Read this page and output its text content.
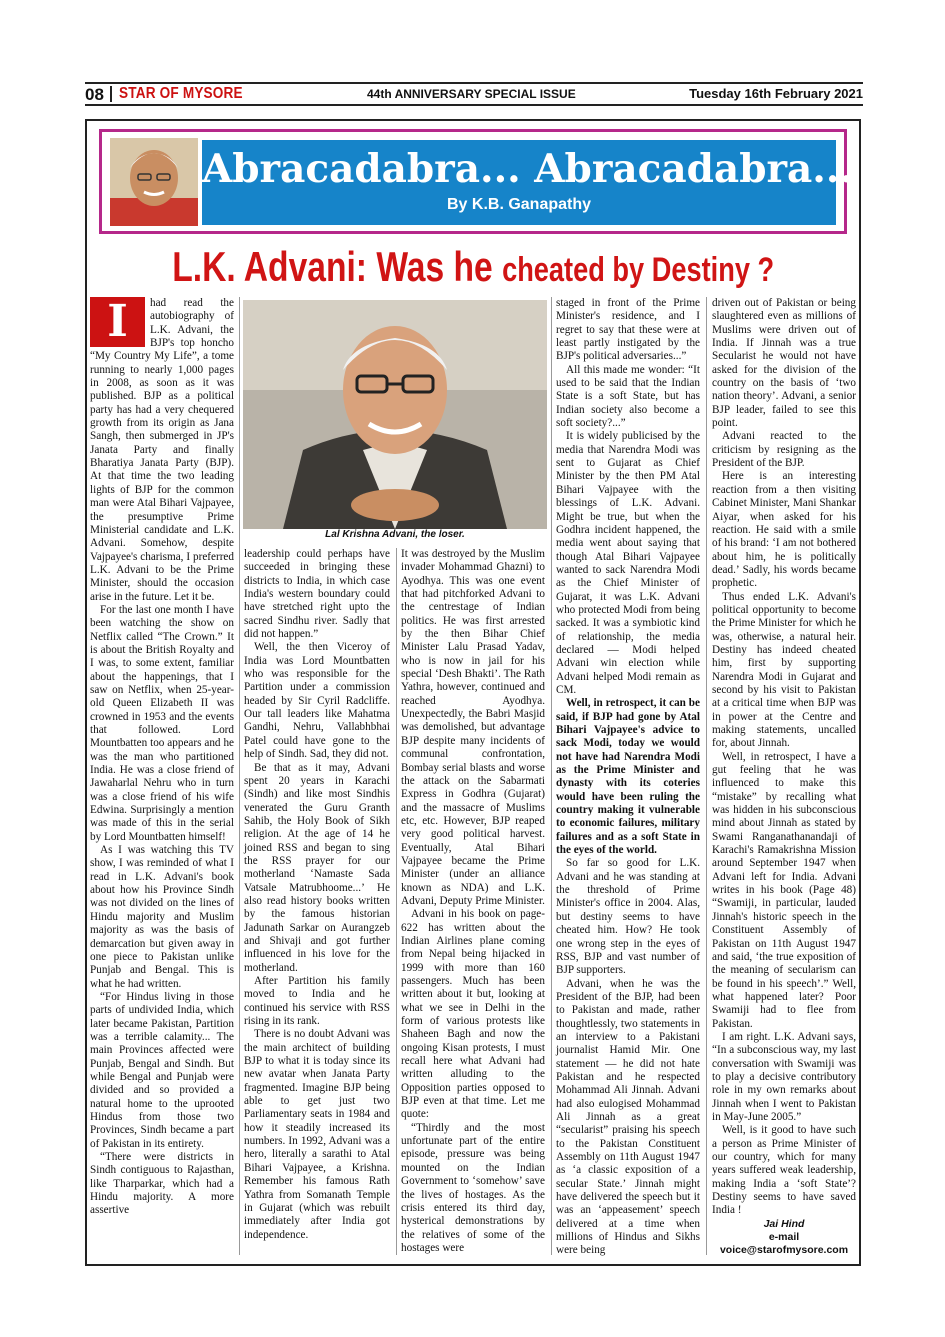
08 STAR OF MYSORE	44th ANNIVERSARY SPECIAL ISSUE	Tuesday 16th February 2021
Abracadabra... Abracadabra...
By K.B. Ganapathy
L.K. Advani: Was he cheated by Destiny ?
Lal Krishna Advani, the loser.
I	had read the autobiography of L.K. Advani, the BJP's top honcho “My Country My Life”, a tome running to nearly 1,000 pages in 2008, as soon as it was published. BJP as a political party has had a very chequered growth from its origin as Jana Sangh, then submerged in JP's Janata Party and finally Bharatiya Janata Party (BJP). At that time the two leading lights of BJP for the common man were Atal Bihari Vajpayee, the presumptive Prime Ministerial candidate and L.K. Advani. Somehow, despite Vajpayee's charisma, I preferred L.K. Advani to be the Prime Minister, should the occasion arise in the future. Let it be.

For the last one month I have been watching the show on Netflix called “The Crown.” It is about the British Royalty and I was, to some extent, familiar about the happenings, that I saw on Netflix, when 25-year-old Queen Elizabeth II was crowned in 1953 and the events that followed. Lord Mountbatten too appears and he was the man who partitioned India. He was a close friend of Jawaharlal Nehru who in turn was a close friend of his wife Edwina. Surprisingly a mention was made of this in the serial by Lord Mountbatten himself!

As I was watching this TV show, I was reminded of what I read in L.K. Advani's book about how his Province Sindh was not divided on the lines of Hindu majority and Muslim majority as was the basis of demarcation but given away in one piece to Pakistan unlike Punjab and Bengal. This is what he had written.

“For Hindus living in those parts of undivided India, which later became Pakistan, Partition was a terrible calamity... The main Provinces affected were Punjab, Bengal and Sindh. But while Bengal and Punjab were divided and so provided a natural home to the uprooted Hindus from those two Provinces, Sindh became a part of Pakistan in its entirety.

“There were districts in Sindh contiguous to Rajasthan, like Tharparkar, which had a Hindu majority. A more assertive

leadership could perhaps have succeeded in bringing these districts to India, in which case India's western boundary could have stretched right upto the sacred Sindhu river. Sadly that did not happen.”

Well, the then Viceroy of India was Lord Mountbatten who was responsible for the Partition under a commission headed by Sir Cyril Radcliffe. Our tall leaders like Mahatma Gandhi, Nehru, Vallabhbhai Patel could have gone to the help of Sindh. Sad, they did not.

Be that as it may, Advani spent 20 years in Karachi (Sindh) and like most Sindhis venerated the Guru Granth Sahib, the Holy Book of Sikh religion. At the age of 14 he joined RSS and began to sing the RSS prayer for our motherland ‘Namaste Sada Vatsale Matrubhoome...’ He also read history books written by the famous historian Jadunath Sarkar on Aurangzeb and Shivaji and got further influenced in his love for the motherland.

After Partition his family moved to India and he continued his service with RSS rising in its rank.

There is no doubt Advani was the main architect of building BJP to what it is today since its new avatar when Janata Party fragmented. Imagine BJP being able to get just two Parliamentary seats in 1984 and how it steadily increased its numbers. In 1992, Advani was a hero, literally a sarathi to Atal Bihari Vajpayee, a Krishna. Remember his famous Rath Yathra from Somanath Temple in Gujarat (which was rebuilt immediately after India got independence.

It was destroyed by the Muslim invader Mohammad Ghazni) to Ayodhya. This was one event that had pitchforked Advani to the centrestage of Indian politics. He was first arrested by the then Bihar Chief Minister Lalu Prasad Yadav, who is now in jail for his special ‘Desh Bhakti’. The Rath Yathra, however, continued and reached Ayodhya. Unexpectedly, the Babri Masjid was demolished, but advantage BJP despite many incidents of communal confrontation, Bombay serial blasts and worse the attack on the Sabarmati Express in Godhra (Gujarat) and the massacre of Muslims etc, etc. However, BJP reaped very good political harvest. Eventually, Atal Bihari Vajpayee became the Prime Minister (under an alliance known as NDA) and L.K. Advani, Deputy Prime Minister.

Advani in his book on page-622 has written about the Indian Airlines plane coming from Nepal being hijacked in 1999 with more than 160 passengers. Much has been written about it but, looking at what we see in Delhi in the form of various protests like Shaheen Bagh and now the ongoing Kisan protests, I must recall here what Advani had written alluding to the Opposition parties opposed to BJP even at that time. Let me quote:

“Thirdly and the most unfortunate part of the entire episode, pressure was being mounted on the Indian Government to ‘somehow’ save the lives of hostages. As the crisis entered its third day, hysterical demonstrations by the relatives of some of the hostages were

staged in front of the Prime Minister's residence, and I regret to say that these were at least partly instigated by the BJP's political adversaries...”

All this made me wonder: “It used to be said that the Indian State is a soft State, but has Indian society also become a soft society?...”

It is widely publicised by the media that Narendra Modi was sent to Gujarat as Chief Minister by the then PM Atal Bihari Vajpayee with the blessings of L.K. Advani. Might be true, but when the Godhra incident happened, the media went about saying that though Atal Bihari Vajpayee wanted to sack Narendra Modi as the Chief Minister of Gujarat, it was L.K. Advani who protected Modi from being sacked. It was a symbiotic kind of relationship, the media declared — Modi helped Advani win election while Advani helped Modi remain as CM.

Well, in retrospect, it can be said, if BJP had gone by Atal Bihari Vajpayee's advice to sack Modi, today we would not have had Narendra Modi as the Prime Minister and dynasty with its coteries would have been ruling the country making it vulnerable to economic failures, military failures and as a soft State in the eyes of the world.

So far so good for L.K. Advani and he was standing at the threshold of Prime Minister's office in 2004. Alas, but destiny seems to have cheated him. How? He took one wrong step in the eyes of RSS, BJP and vast number of BJP supporters.

Advani, when he was the President of the BJP, had been to Pakistan and made, rather thoughtlessly, two statements in an interview to a Pakistani journalist Hamid Mir. One statement — he did not hate Pakistan and he respected Mohammad Ali Jinnah. Advani had also eulogised Mohammad Ali Jinnah as a great “secularist” praising his speech to the Pakistan Constituent Assembly on 11th August 1947 as ‘a classic exposition of a secular State.’ Jinnah might have delivered the speech but it was an ‘appeasement’ speech delivered at a time when millions of Hindus and Sikhs were being

driven out of Pakistan or being slaughtered even as millions of Muslims were driven out of India. If Jinnah was a true Secularist he would not have asked for the division of the country on the basis of ‘two nation theory’. Advani, a senior BJP leader, failed to see this point.

Advani reacted to the criticism by resigning as the President of the BJP.

Here is an interesting reaction from a then visiting Cabinet Minister, Mani Shankar Aiyar, when asked for his reaction. He said with a smile of his brand: ‘I am not bothered about him, he is politically dead.’ Sadly, his words became prophetic.

Thus ended L.K. Advani's political opportunity to become the Prime Minister for which he was, otherwise, a natural heir. Destiny has indeed cheated him, first by supporting Narendra Modi in Gujarat and second by his visit to Pakistan at a critical time when BJP was in power at the Centre and making statements, uncalled for, about Jinnah.

Well, in retrospect, I have a gut feeling that he was influenced to make this “mistake” by recalling what was hidden in his subconscious mind about Jinnah as stated by Swami Ranganathanandaji of Karachi's Ramakrishna Mission around September 1947 when Advani left for India. Advani writes in his book (Page 48) “Swamiji, in particular, lauded Jinnah's historic speech in the Constituent Assembly of Pakistan on 11th August 1947 and said, ‘the true exposition of the meaning of secularism can be found in his speech’.” Well, what happened later? Poor Swamiji had to flee from Pakistan.

I am right. L.K. Advani says, “In a subconscious way, my last conversation with Swamiji was to play a decisive contributory role in my own remarks about Jinnah when I went to Pakistan in May-June 2005.”

Well, is it good to have such a person as Prime Minister of our country, which for many years suffered weak leadership, making India a ‘soft State’? Destiny seems to have saved India !

Jai Hind
e-mail
voice@starofmysore.com
